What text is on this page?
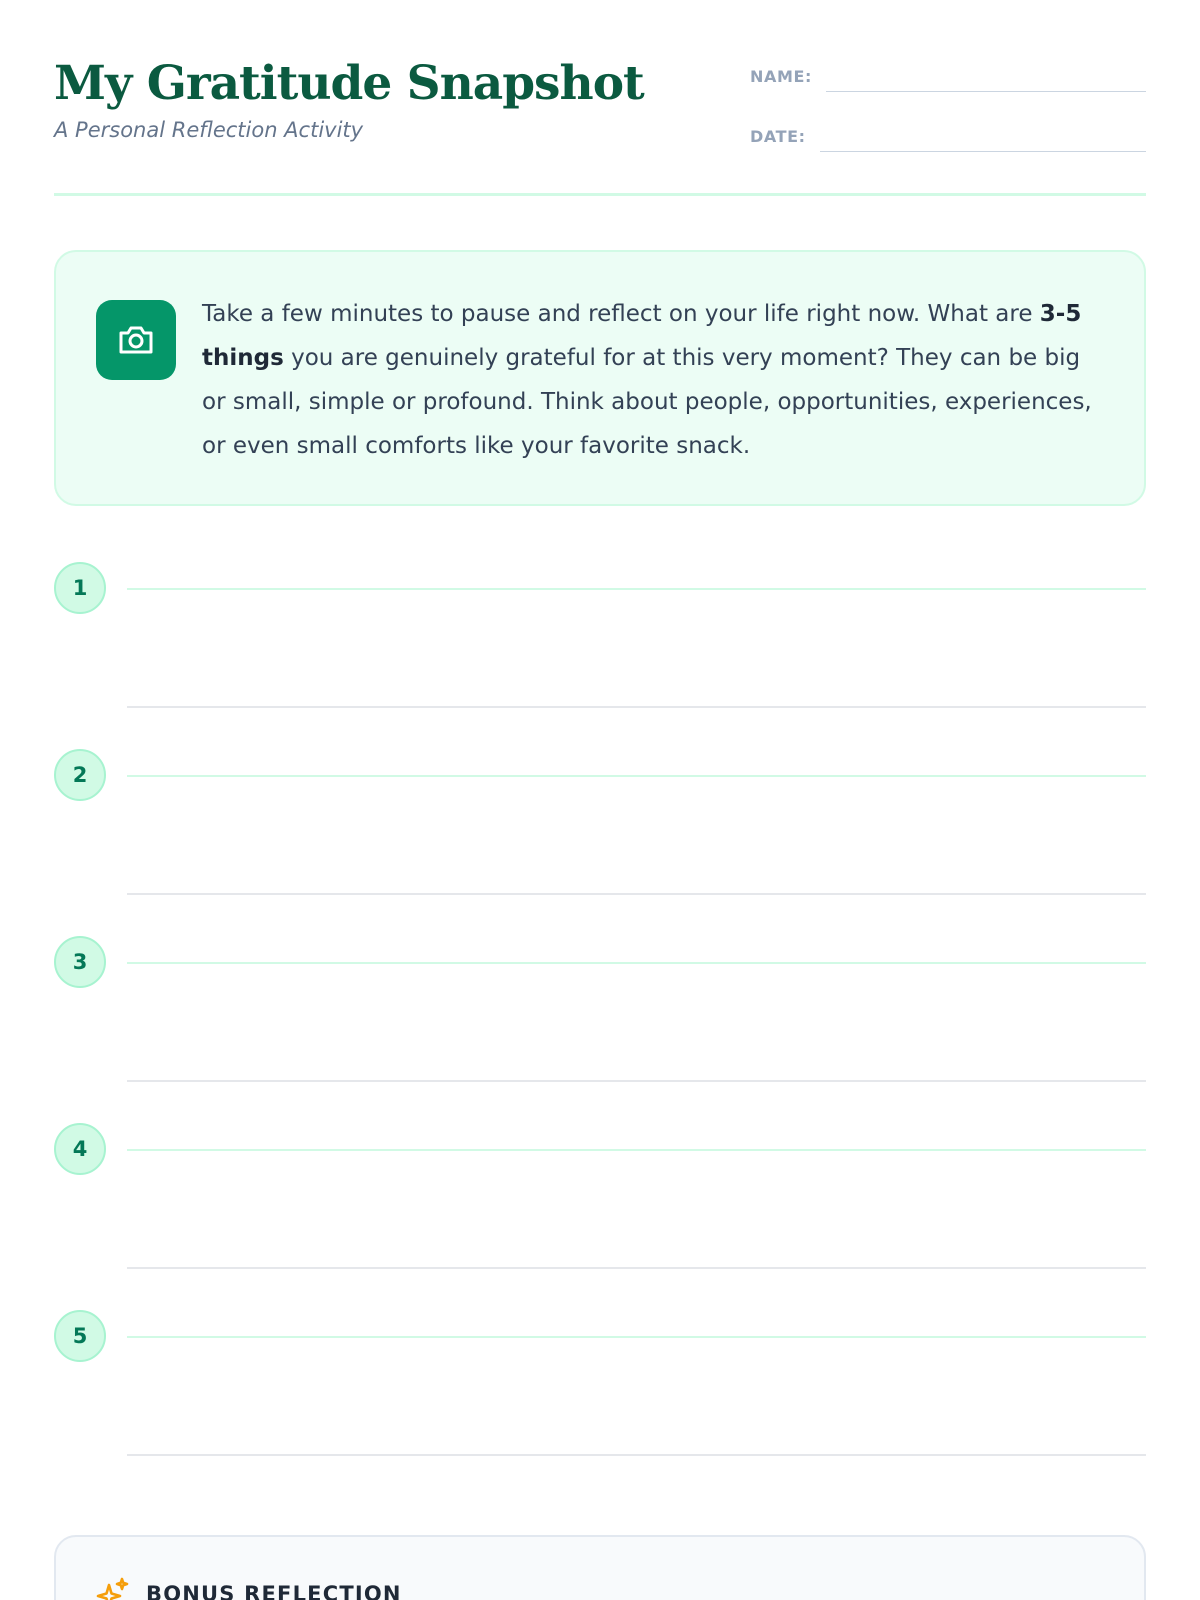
My Gratitude Snapshot
A Personal Reflection Activity
NAME:
DATE:

Take a few minutes to pause and reflect on your life right now. What are 3-5 things you are genuinely grateful for at this very moment? They can be big or small, simple or profound. Think about people, opportunities, experiences, or even small comforts like your favorite snack.

1
2
3
4
5
BONUS REFLECTION
